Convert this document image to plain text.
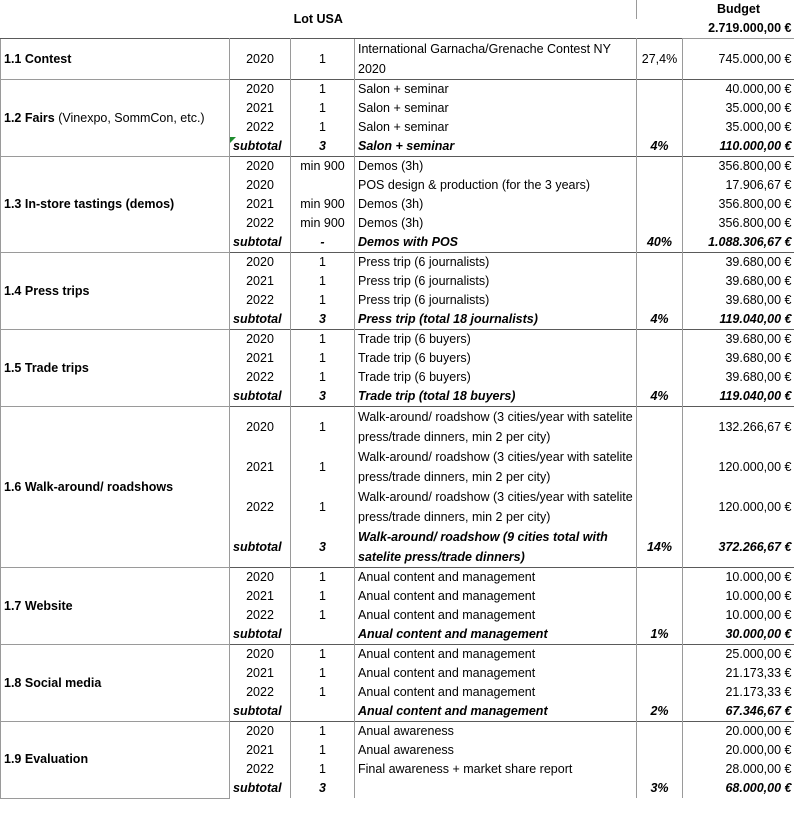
Lot USA					Budget
					2.719.000,00 €
1.1 Contest	2020	1	International Garnacha/Grenache Contest NY 2020	27,4%	745.000,00 €
1.2 Fairs (Vinexpo, SommCon, etc.)	2020	1	Salon + seminar		40.000,00 €
	2021	1	Salon + seminar		35.000,00 €
	2022	1	Salon + seminar		35.000,00 €
	subtotal	3	Salon + seminar	4%	110.000,00 €
1.3 In-store tastings (demos)	2020	min 900	Demos (3h)		356.800,00 €
	2020		POS design & production (for the 3 years)		17.906,67 €
	2021	min 900	Demos (3h)		356.800,00 €
	2022	min 900	Demos (3h)		356.800,00 €
	subtotal	-	Demos with POS	40%	1.088.306,67 €
1.4 Press trips	2020	1	Press trip (6 journalists)		39.680,00 €
	2021	1	Press trip (6 journalists)		39.680,00 €
	2022	1	Press trip (6 journalists)		39.680,00 €
	subtotal	3	Press trip (total 18 journalists)	4%	119.040,00 €
1.5 Trade trips	2020	1	Trade trip (6 buyers)		39.680,00 €
	2021	1	Trade trip (6 buyers)		39.680,00 €
	2022	1	Trade trip (6 buyers)		39.680,00 €
	subtotal	3	Trade trip (total 18 buyers)	4%	119.040,00 €
1.6 Walk-around/ roadshows	2020	1	Walk-around/ roadshow (3 cities/year with satelite press/trade dinners, min 2 per city)		132.266,67 €
	2021	1	Walk-around/ roadshow (3 cities/year with satelite press/trade dinners, min 2 per city)		120.000,00 €
	2022	1	Walk-around/ roadshow (3 cities/year with satelite press/trade dinners, min 2 per city)		120.000,00 €
	subtotal	3	Walk-around/ roadshow (9 cities total with satelite press/trade dinners)	14%	372.266,67 €
1.7 Website	2020	1	Anual content and management		10.000,00 €
	2021	1	Anual content and management		10.000,00 €
	2022	1	Anual content and management		10.000,00 €
	subtotal		Anual content and management	1%	30.000,00 €
1.8 Social media	2020	1	Anual content and management		25.000,00 €
	2021	1	Anual content and management		21.173,33 €
	2022	1	Anual content and management		21.173,33 €
	subtotal		Anual content and management	2%	67.346,67 €
1.9 Evaluation	2020	1	Anual awareness		20.000,00 €
	2021	1	Anual awareness		20.000,00 €
	2022	1	Final awareness + market share report		28.000,00 €
	subtotal	3		3%	68.000,00 €
